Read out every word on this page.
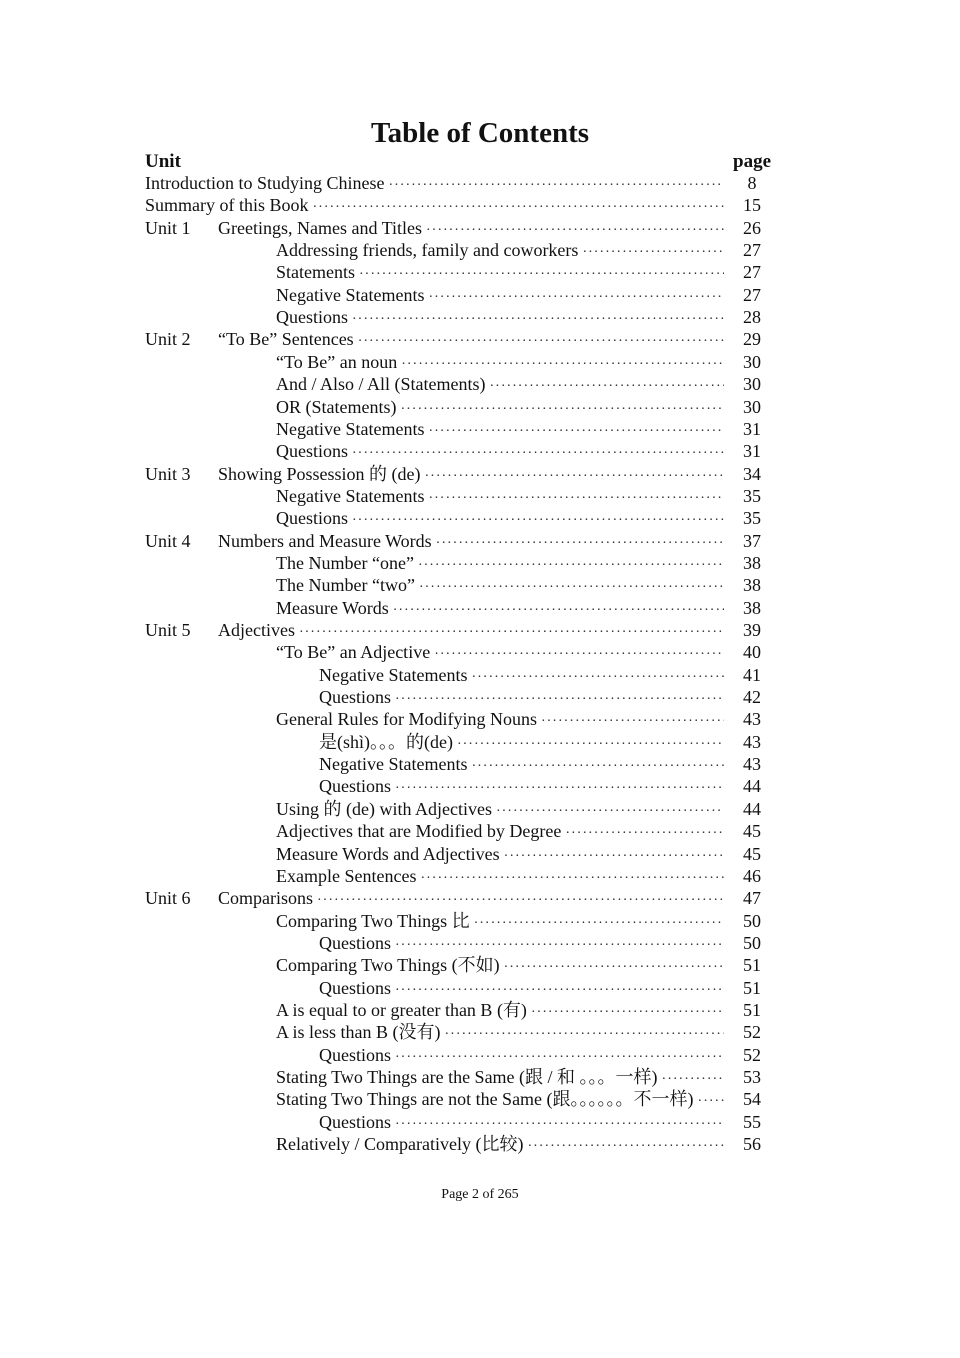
Table of Contents
Unit	page
Introduction to Studying Chinese ·····	8
Summary of this Book ·····	15
Unit 1 Greetings, Names and Titles ·····	26
Addressing friends, family and coworkers ·····	27
Statements ·····	27
Negative Statements ·····	27
Questions ·····	28
Unit 2 “To Be” Sentences ·····	29
“To Be” an noun ·····	30
And / Also / All (Statements) ·····	30
OR (Statements) ·····	30
Negative Statements ·····	31
Questions ·····	31
Unit 3 Showing Possession 的 (de) ·····	34
Negative Statements ·····	35
Questions ·····	35
Unit 4 Numbers and Measure Words ·····	37
The Number “one” ·····	38
The Number “two” ·····	38
Measure Words ·····	38
Unit 5 Adjectives ·····	39
“To Be” an Adjective ·····	40
Negative Statements ·····	41
Questions ·····	42
General Rules for Modifying Nouns ·····	43
是(shì)。。。的(de) ·····	43
Negative Statements ·····	43
Questions ·····	44
Using 的 (de) with Adjectives ·····	44
Adjectives that are Modified by Degree ·····	45
Measure Words and Adjectives ·····	45
Example Sentences ·····	46
Unit 6 Comparisons ·····	47
Comparing Two Things 比 ·····	50
Questions ·····	50
Comparing Two Things (不如) ·····	51
Questions ·····	51
A is equal to or greater than B (有) ·····	51
A is less than B (没有) ·····	52
Questions ·····	52
Stating Two Things are the Same (跟 / 和 。。。一样) ·····	53
Stating Two Things are not the Same (跟。。。。。。不一样) ·····	54
Questions ·····	55
Relatively / Comparatively (比较) ·····	56
Page 2 of 265
